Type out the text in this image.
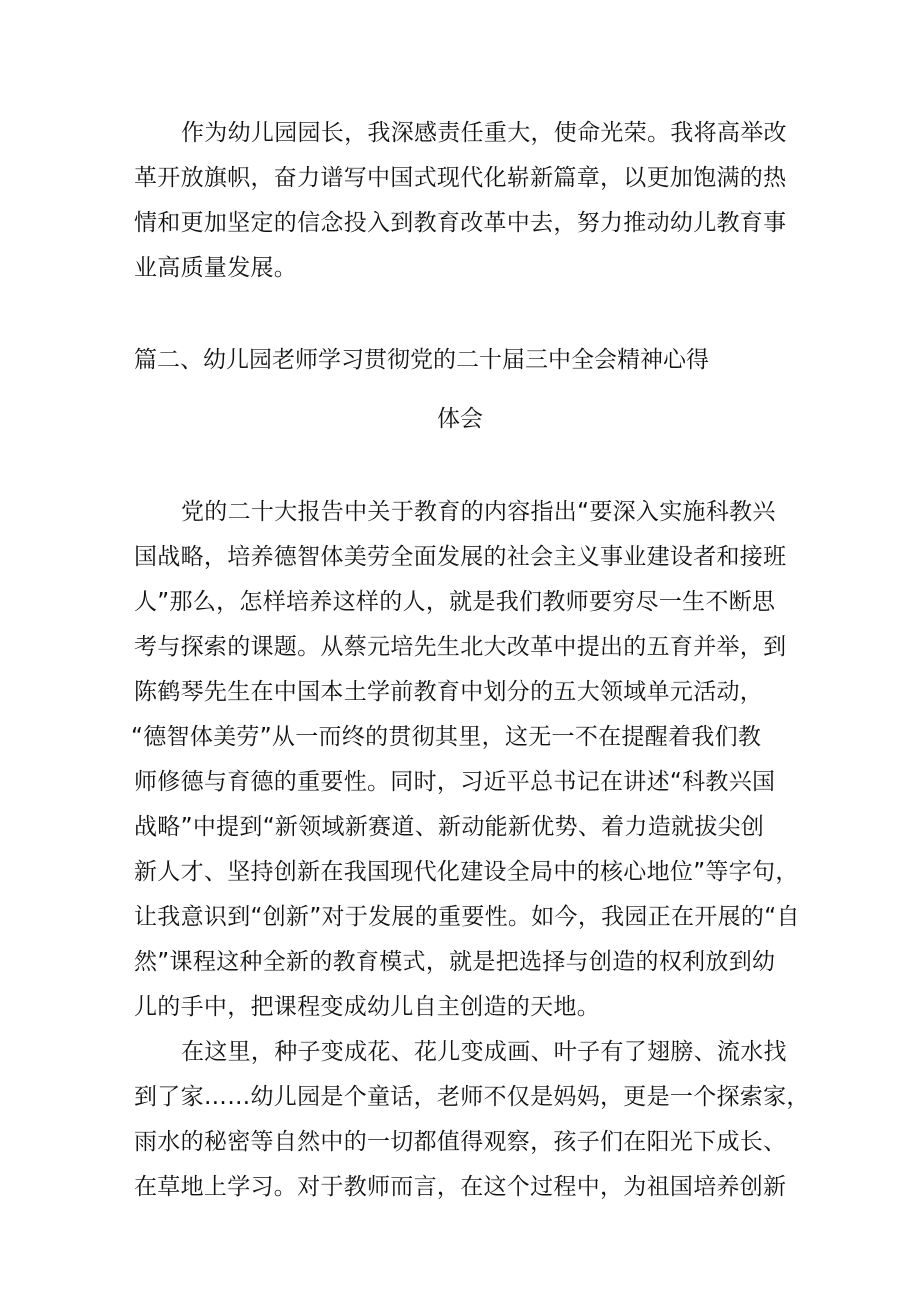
作为幼儿园园长，我深感责任重大，使命光荣。我将高举改
革开放旗帜，奋力谱写中国式现代化崭新篇章，以更加饱满的热
情和更加坚定的信念投入到教育改革中去，努力推动幼儿教育事
业高质量发展。
篇二、幼儿园老师学习贯彻党的二十届三中全会精神心得
体会
党的二十大报告中关于教育的内容指出“要深入实施科教兴
国战略，培养德智体美劳全面发展的社会主义事业建设者和接班
人”那么，怎样培养这样的人，就是我们教师要穷尽一生不断思
考与探索的课题。从蔡元培先生北大改革中提出的五育并举，到
陈鹤琴先生在中国本土学前教育中划分的五大领域单元活动，
“德智体美劳”从一而终的贯彻其里，这无一不在提醒着我们教
师修德与育德的重要性。同时，习近平总书记在讲述“科教兴国
战略”中提到“新领域新赛道、新动能新优势、着力造就拔尖创
新人才、坚持创新在我国现代化建设全局中的核心地位”等字句，
让我意识到“创新”对于发展的重要性。如今，我园正在开展的“自
然”课程这种全新的教育模式，就是把选择与创造的权利放到幼
儿的手中，把课程变成幼儿自主创造的天地。
在这里，种子变成花、花儿变成画、叶子有了翅膀、流水找
到了家……幼儿园是个童话，老师不仅是妈妈，更是一个探索家，
雨水的秘密等自然中的一切都值得观察，孩子们在阳光下成长、
在草地上学习。对于教师而言，在这个过程中，为祖国培养创新
